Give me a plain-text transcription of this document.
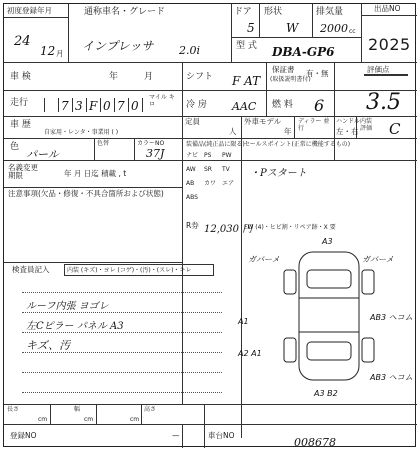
初度登録年月
24
12 月
通称車名・グレード
インプレッサ 2.0i
ドア
5
形状
W
排気量
2000 cc
型 式 DBA-GP6
出品NO
2025
車 検	年	月	シフト F AT
保証書
(取扱説明書付)
有・無	評価点
3.5
走行	7 3 F 0 7 0
マイル キロ	冷 房 AAC 燃 料 6
車 歴
自家用・レンタ・事業用 ( )
定員
人
外車モデル
年
ディラー 並行
ハンドル
左・右
内装 評価	C
色
パール
色替	カラーNO
37J
名義変更 期限	年 月 日迄 積載 , t
注意事項(欠品・修復・不具合箇所および状態)
検査員記入	内装 (キズ)・ヨレ (コゲ)・(汚)・(スレ)・キレ
ルーフ内張 ヨゴレ
左Cピラー パネル A3
キズ、汚
装備品(純正品に限る)
ナビ PS PW
AW SR TV
AB カワ エア
ABS
R券 12,030 円
セールスポイント(正常に機能するもの)
・Pスタート
FW (4)・ヒビ割・リペア跡・X 要
A3
ガバーメ	ガバーメ
A1
A2 A1
AB3 ヘコム
AB3 ヘコム
A3 B2
長さ
cm
幅
cm
高さ
cm
登録NO	—	車台NO
008678
